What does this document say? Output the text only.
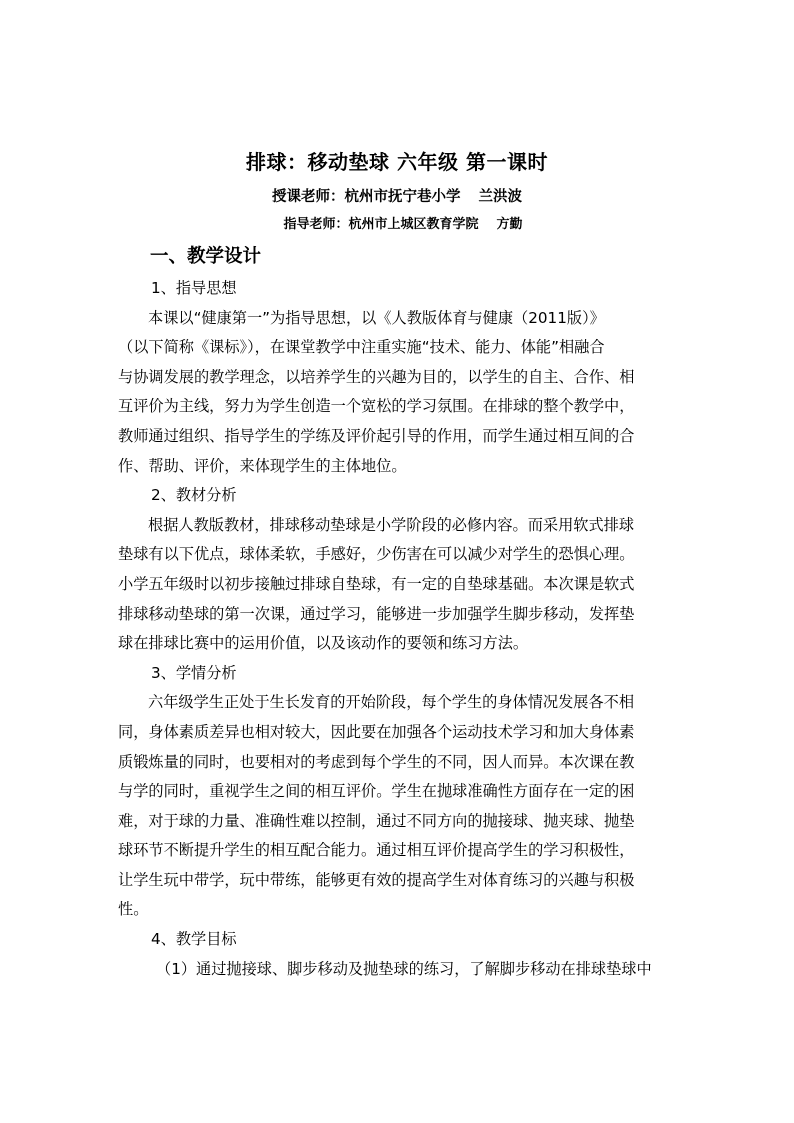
排球：移动垫球 六年级 第一课时
授课老师：杭州市抚宁巷小学 兰洪波
指导老师：杭州市上城区教育学院 方勤
一、教学设计
1、指导思想
本课以“健康第一”为指导思想，以《人教版体育与健康（2011版）》
（以下简称《课标》），在课堂教学中注重实施“技术、能力、体能”相融合
与协调发展的教学理念，以培养学生的兴趣为目的，以学生的自主、合作、相
互评价为主线，努力为学生创造一个宽松的学习氛围。在排球的整个教学中，
教师通过组织、指导学生的学练及评价起引导的作用，而学生通过相互间的合
作、帮助、评价，来体现学生的主体地位。
2、教材分析
根据人教版教材，排球移动垫球是小学阶段的必修内容。而采用软式排球
垫球有以下优点，球体柔软，手感好，少伤害在可以减少对学生的恐惧心理。
小学五年级时以初步接触过排球自垫球，有一定的自垫球基础。本次课是软式
排球移动垫球的第一次课，通过学习，能够进一步加强学生脚步移动，发挥垫
球在排球比赛中的运用价值，以及该动作的要领和练习方法。
3、学情分析
六年级学生正处于生长发育的开始阶段，每个学生的身体情况发展各不相
同，身体素质差异也相对较大，因此要在加强各个运动技术学习和加大身体素
质锻炼量的同时，也要相对的考虑到每个学生的不同，因人而异。本次课在教
与学的同时，重视学生之间的相互评价。学生在抛球准确性方面存在一定的困
难，对于球的力量、准确性难以控制，通过不同方向的抛接球、抛夹球、抛垫
球环节不断提升学生的相互配合能力。通过相互评价提高学生的学习积极性，
让学生玩中带学，玩中带练，能够更有效的提高学生对体育练习的兴趣与积极
性。
4、教学目标
（1）通过抛接球、脚步移动及抛垫球的练习，了解脚步移动在排球垫球中
